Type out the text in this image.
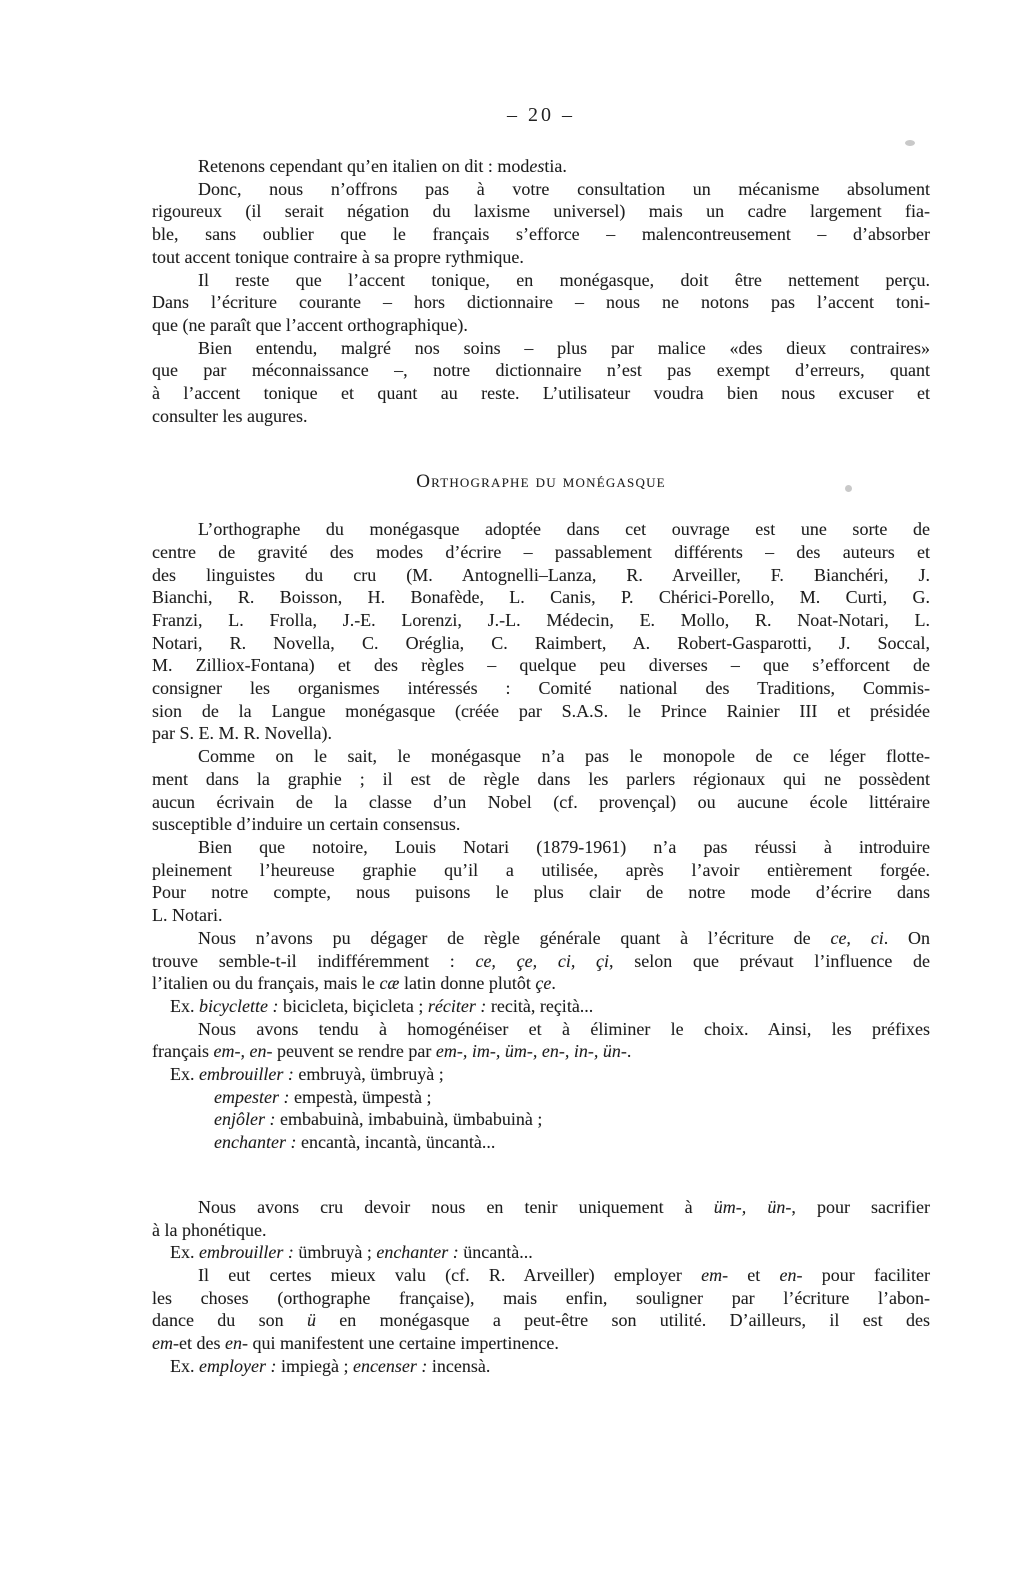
– 20 –
Retenons cependant qu’en italien on dit : modestia.
Donc, nous n’offrons pas à votre consultation un mécanisme absolument
rigoureux (il serait négation du laxisme universel) mais un cadre largement fia-
ble, sans oublier que le français s’efforce – malencontreusement – d’absorber
tout accent tonique contraire à sa propre rythmique.
Il reste que l’accent tonique, en monégasque, doit être nettement perçu.
Dans l’écriture courante – hors dictionnaire – nous ne notons pas l’accent toni-
que (ne paraît que l’accent orthographique).
Bien entendu, malgré nos soins – plus par malice «des dieux contraires»
que par méconnaissance –, notre dictionnaire n’est pas exempt d’erreurs, quant
à l’accent tonique et quant au reste. L’utilisateur voudra bien nous excuser et
consulter les augures.
Orthographe du monégasque
L’orthographe du monégasque adoptée dans cet ouvrage est une sorte de
centre de gravité des modes d’écrire – passablement différents – des auteurs et
des linguistes du cru (M. Antognelli–Lanza, R. Arveiller, F. Bianchéri, J.
Bianchi, R. Boisson, H. Bonafède, L. Canis, P. Chérici-Porello, M. Curti, G.
Franzi, L. Frolla, J.-E. Lorenzi, J.-L. Médecin, E. Mollo, R. Noat-Notari, L.
Notari, R. Novella, C. Oréglia, C. Raimbert, A. Robert-Gasparotti, J. Soccal,
M. Zilliox-Fontana) et des règles – quelque peu diverses – que s’efforcent de
consigner les organismes intéressés : Comité national des Traditions, Commis-
sion de la Langue monégasque (créée par S.A.S. le Prince Rainier III et présidée
par S. E. M. R. Novella).
Comme on le sait, le monégasque n’a pas le monopole de ce léger flotte-
ment dans la graphie ; il est de règle dans les parlers régionaux qui ne possèdent
aucun écrivain de la classe d’un Nobel (cf. provençal) ou aucune école littéraire
susceptible d’induire un certain consensus.
Bien que notoire, Louis Notari (1879-1961) n’a pas réussi à introduire
pleinement l’heureuse graphie qu’il a utilisée, après l’avoir entièrement forgée.
Pour notre compte, nous puisons le plus clair de notre mode d’écrire dans
L. Notari.
Nous n’avons pu dégager de règle générale quant à l’écriture de ce, ci. On
trouve semble-t-il indifféremment : ce, çe, ci, çi, selon que prévaut l’influence de
l’italien ou du français, mais le cæ latin donne plutôt çe.
Ex. bicyclette : bicicleta, biçicleta ; réciter : recità, reçità...
Nous avons tendu à homogénéiser et à éliminer le choix. Ainsi, les préfixes
français em-, en- peuvent se rendre par em-, im-, üm-, en-, in-, ün-.
Ex. embrouiller : embruyà, ümbruyà ;
empester : empestà, ümpestà ;
enjôler : embabuinà, imbabuinà, ümbabuinà ;
enchanter : encantà, incantà, üncantà...
Nous avons cru devoir nous en tenir uniquement à üm-, ün-, pour sacrifier
à la phonétique.
Ex. embrouiller : ümbruyà ; enchanter : üncantà...
Il eut certes mieux valu (cf. R. Arveiller) employer em- et en- pour faciliter
les choses (orthographe française), mais enfin, souligner par l’écriture l’abon-
dance du son ü en monégasque a peut-être son utilité. D’ailleurs, il est des
em-et des en- qui manifestent une certaine impertinence.
Ex. employer : impiegà ; encenser : incensà.
